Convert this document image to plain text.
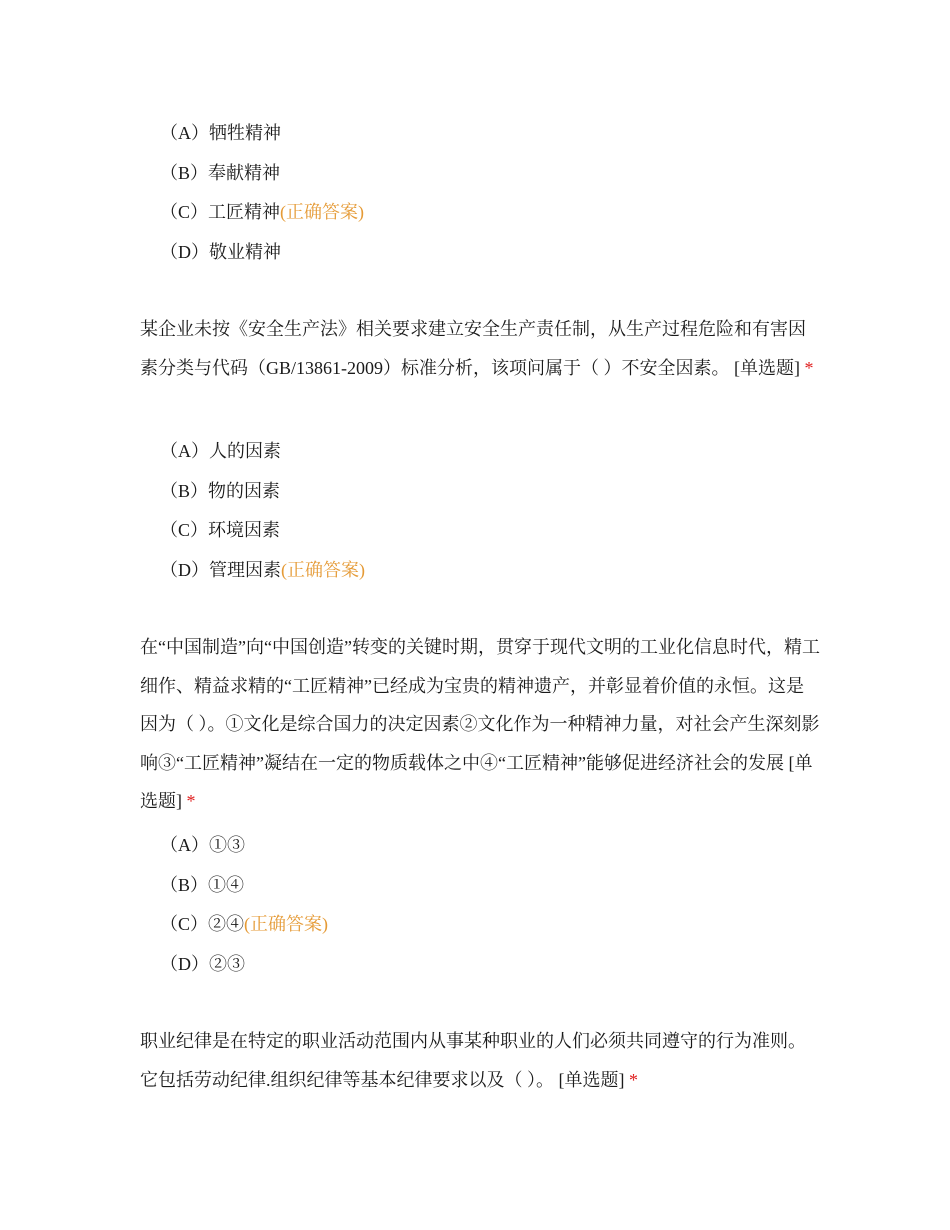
（A）牺牲精神
（B）奉献精神
（C）工匠精神(正确答案)
（D）敬业精神

某企业未按《安全生产法》相关要求建立安全生产责任制，从生产过程危险和有害因素分类与代码（GB/13861-2009）标准分析，该项问属于（ ）不安全因素。 [单选题] *

（A）人的因素
（B）物的因素
（C）环境因素
（D）管理因素(正确答案)

在“中国制造”向“中国创造”转变的关键时期，贯穿于现代文明的工业化信息时代，精工细作、精益求精的“工匠精神”已经成为宝贵的精神遗产，并彰显着价值的永恒。这是因为（ ）。①文化是综合国力的决定因素②文化作为一种精神力量，对社会产生深刻影响③“工匠精神”凝结在一定的物质载体之中④“工匠精神”能够促进经济社会的发展 [单选题] *

（A）①③
（B）①④
（C）②④(正确答案)
（D）②③

职业纪律是在特定的职业活动范围内从事某种职业的人们必须共同遵守的行为准则。它包括劳动纪律.组织纪律等基本纪律要求以及（ ）。 [单选题] *
